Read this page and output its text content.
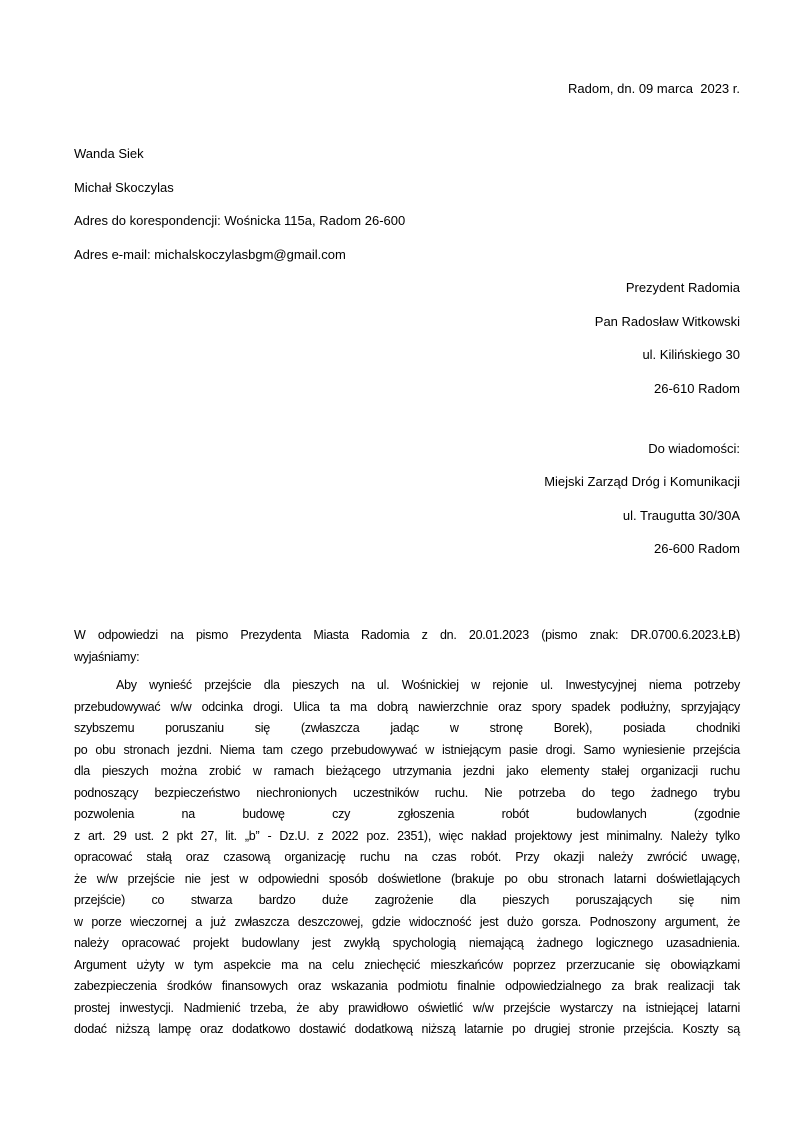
Radom, dn. 09 marca  2023 r.
Wanda Siek
Michał Skoczylas
Adres do korespondencji: Wośnicka 115a, Radom 26-600
Adres e-mail: michalskoczylasbgm@gmail.com
Prezydent Radomia
Pan Radosław Witkowski
ul. Kilińskiego 30
26-610 Radom
Do wiadomości:
Miejski Zarząd Dróg i Komunikacji
ul. Traugutta 30/30A
26-600 Radom
W odpowiedzi na pismo Prezydenta Miasta Radomia z dn. 20.01.2023 (pismo znak: DR.0700.6.2023.ŁB)
wyjaśniamy:
Aby wynieść przejście dla pieszych na ul. Wośnickiej w rejonie ul. Inwestycyjnej niema potrzeby
przebudowywać w/w odcinka drogi. Ulica ta ma dobrą nawierzchnie oraz spory spadek podłużny, sprzyjający
szybszemu poruszaniu się (zwłaszcza jadąc w stronę Borek), posiada chodniki
po obu stronach jezdni. Niema tam czego przebudowywać w istniejącym pasie drogi. Samo wyniesienie przejścia
dla pieszych można zrobić w ramach bieżącego utrzymania jezdni jako elementy stałej organizacji ruchu
podnoszący bezpieczeństwo niechronionych uczestników ruchu. Nie potrzeba do tego żadnego trybu
pozwolenia na budowę czy zgłoszenia robót budowlanych (zgodnie
z art. 29 ust. 2 pkt 27, lit. „b” - Dz.U. z 2022 poz. 2351), więc nakład projektowy jest minimalny. Należy tylko
opracować stałą oraz czasową organizację ruchu na czas robót. Przy okazji należy zwrócić uwagę,
że w/w przejście nie jest w odpowiedni sposób doświetlone (brakuje po obu stronach latarni doświetlających
przejście) co stwarza bardzo duże zagrożenie dla pieszych poruszających się nim
w porze wieczornej a już zwłaszcza deszczowej, gdzie widoczność jest dużo gorsza. Podnoszony argument, że
należy opracować projekt budowlany jest zwykłą spychologią niemającą żadnego logicznego uzasadnienia.
Argument użyty w tym aspekcie ma na celu zniechęcić mieszkańców poprzez przerzucanie się obowiązkami
zabezpieczenia środków finansowych oraz wskazania podmiotu finalnie odpowiedzialnego za brak realizacji tak
prostej inwestycji. Nadmienić trzeba, że aby prawidłowo oświetlić w/w przejście wystarczy na istniejącej latarni
dodać niższą lampę oraz dodatkowo dostawić dodatkową niższą latarnie po drugiej stronie przejścia. Koszty są
